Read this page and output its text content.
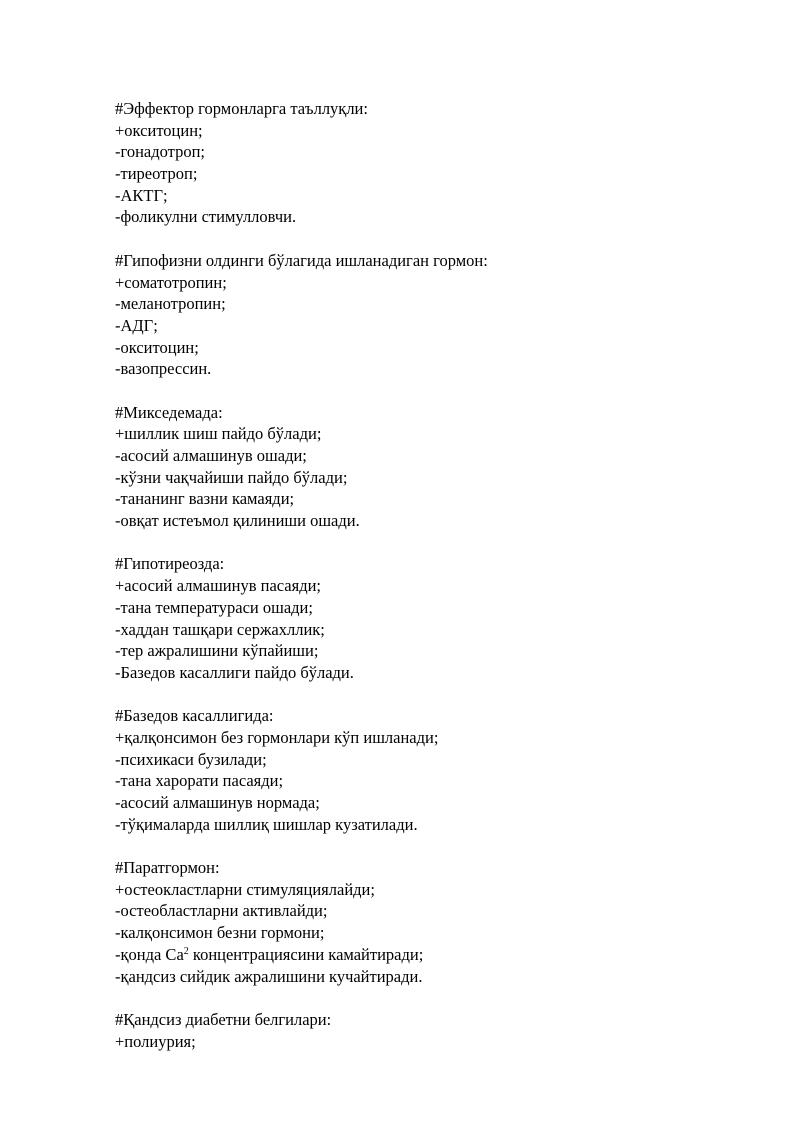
#Эффектор гормонларга таъллуқли:
+окситоцин;
-гонадотроп;
-тиреотроп;
-АКТГ;
-фоликулни стимулловчи.
#Гипофизни олдинги бўлагида ишланадиган гормон:
+соматотропин;
-меланотропин;
-АДГ;
-окситоцин;
-вазопрессин.
#Микседемада:
+шиллик шиш пайдо бўлади;
-асосий алмашинув ошади;
-кўзни чақчайиши пайдо бўлади;
-тананинг вазни камаяди;
-овқат истеъмол қилиниши ошади.
#Гипотиреозда:
+асосий алмашинув пасаяди;
-тана температураси ошади;
-хаддан ташқари сержахллик;
-тер ажралишини кўпайиши;
-Базедов касаллиги пайдо бўлади.
#Базедов касаллигида:
+қалқонсимон без гормонлари кўп ишланади;
-психикаси бузилади;
-тана харорати пасаяди;
-асосий алмашинув нормада;
-тўқималарда шиллиқ шишлар кузатилади.
#Паратгормон:
+остеокластларни стимуляциялайди;
-остеобластларни активлайди;
-калқонсимон безни гормони;
-қонда Ca$^2$ концентрациясини камайтиради;
-қандсиз сийдик ажралишини кучайтиради.
#Қандсиз диабетни белгилари:
+полиурия;
